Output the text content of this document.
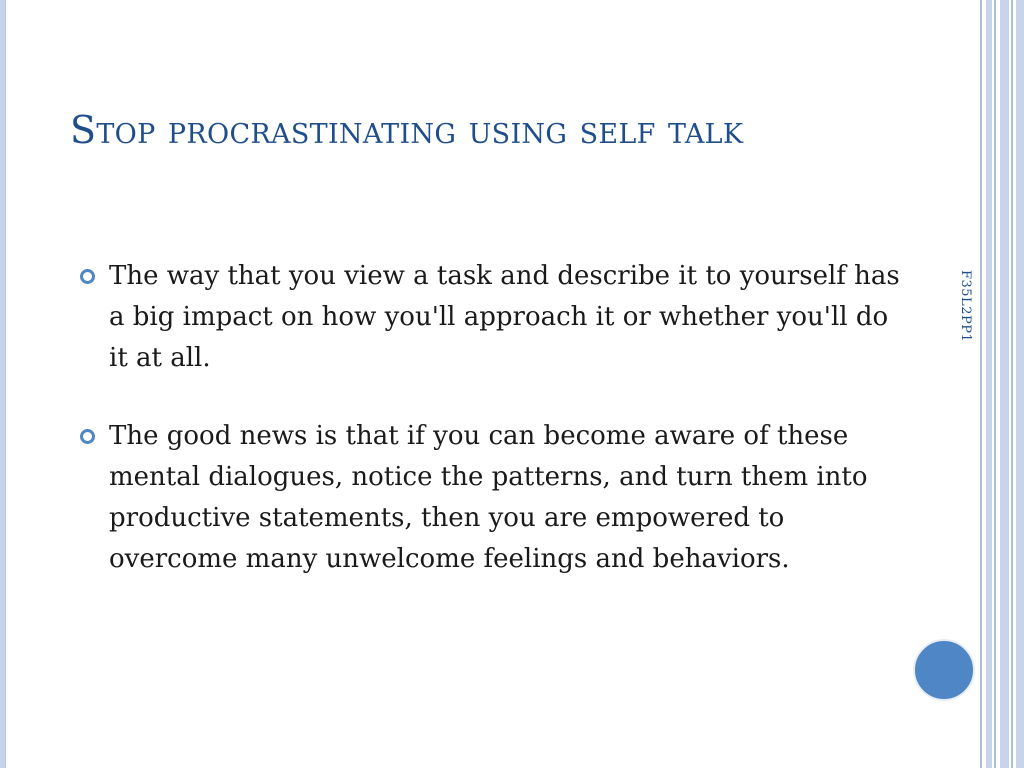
Stop procrastinating using self talk
The way that you view a task and describe it to yourself has a big impact on how you'll approach it or whether you'll do it at all.
The good news is that if you can become aware of these mental dialogues, notice the patterns, and turn them into productive statements, then you are empowered to overcome many unwelcome feelings and behaviors.
F35L2PP1
